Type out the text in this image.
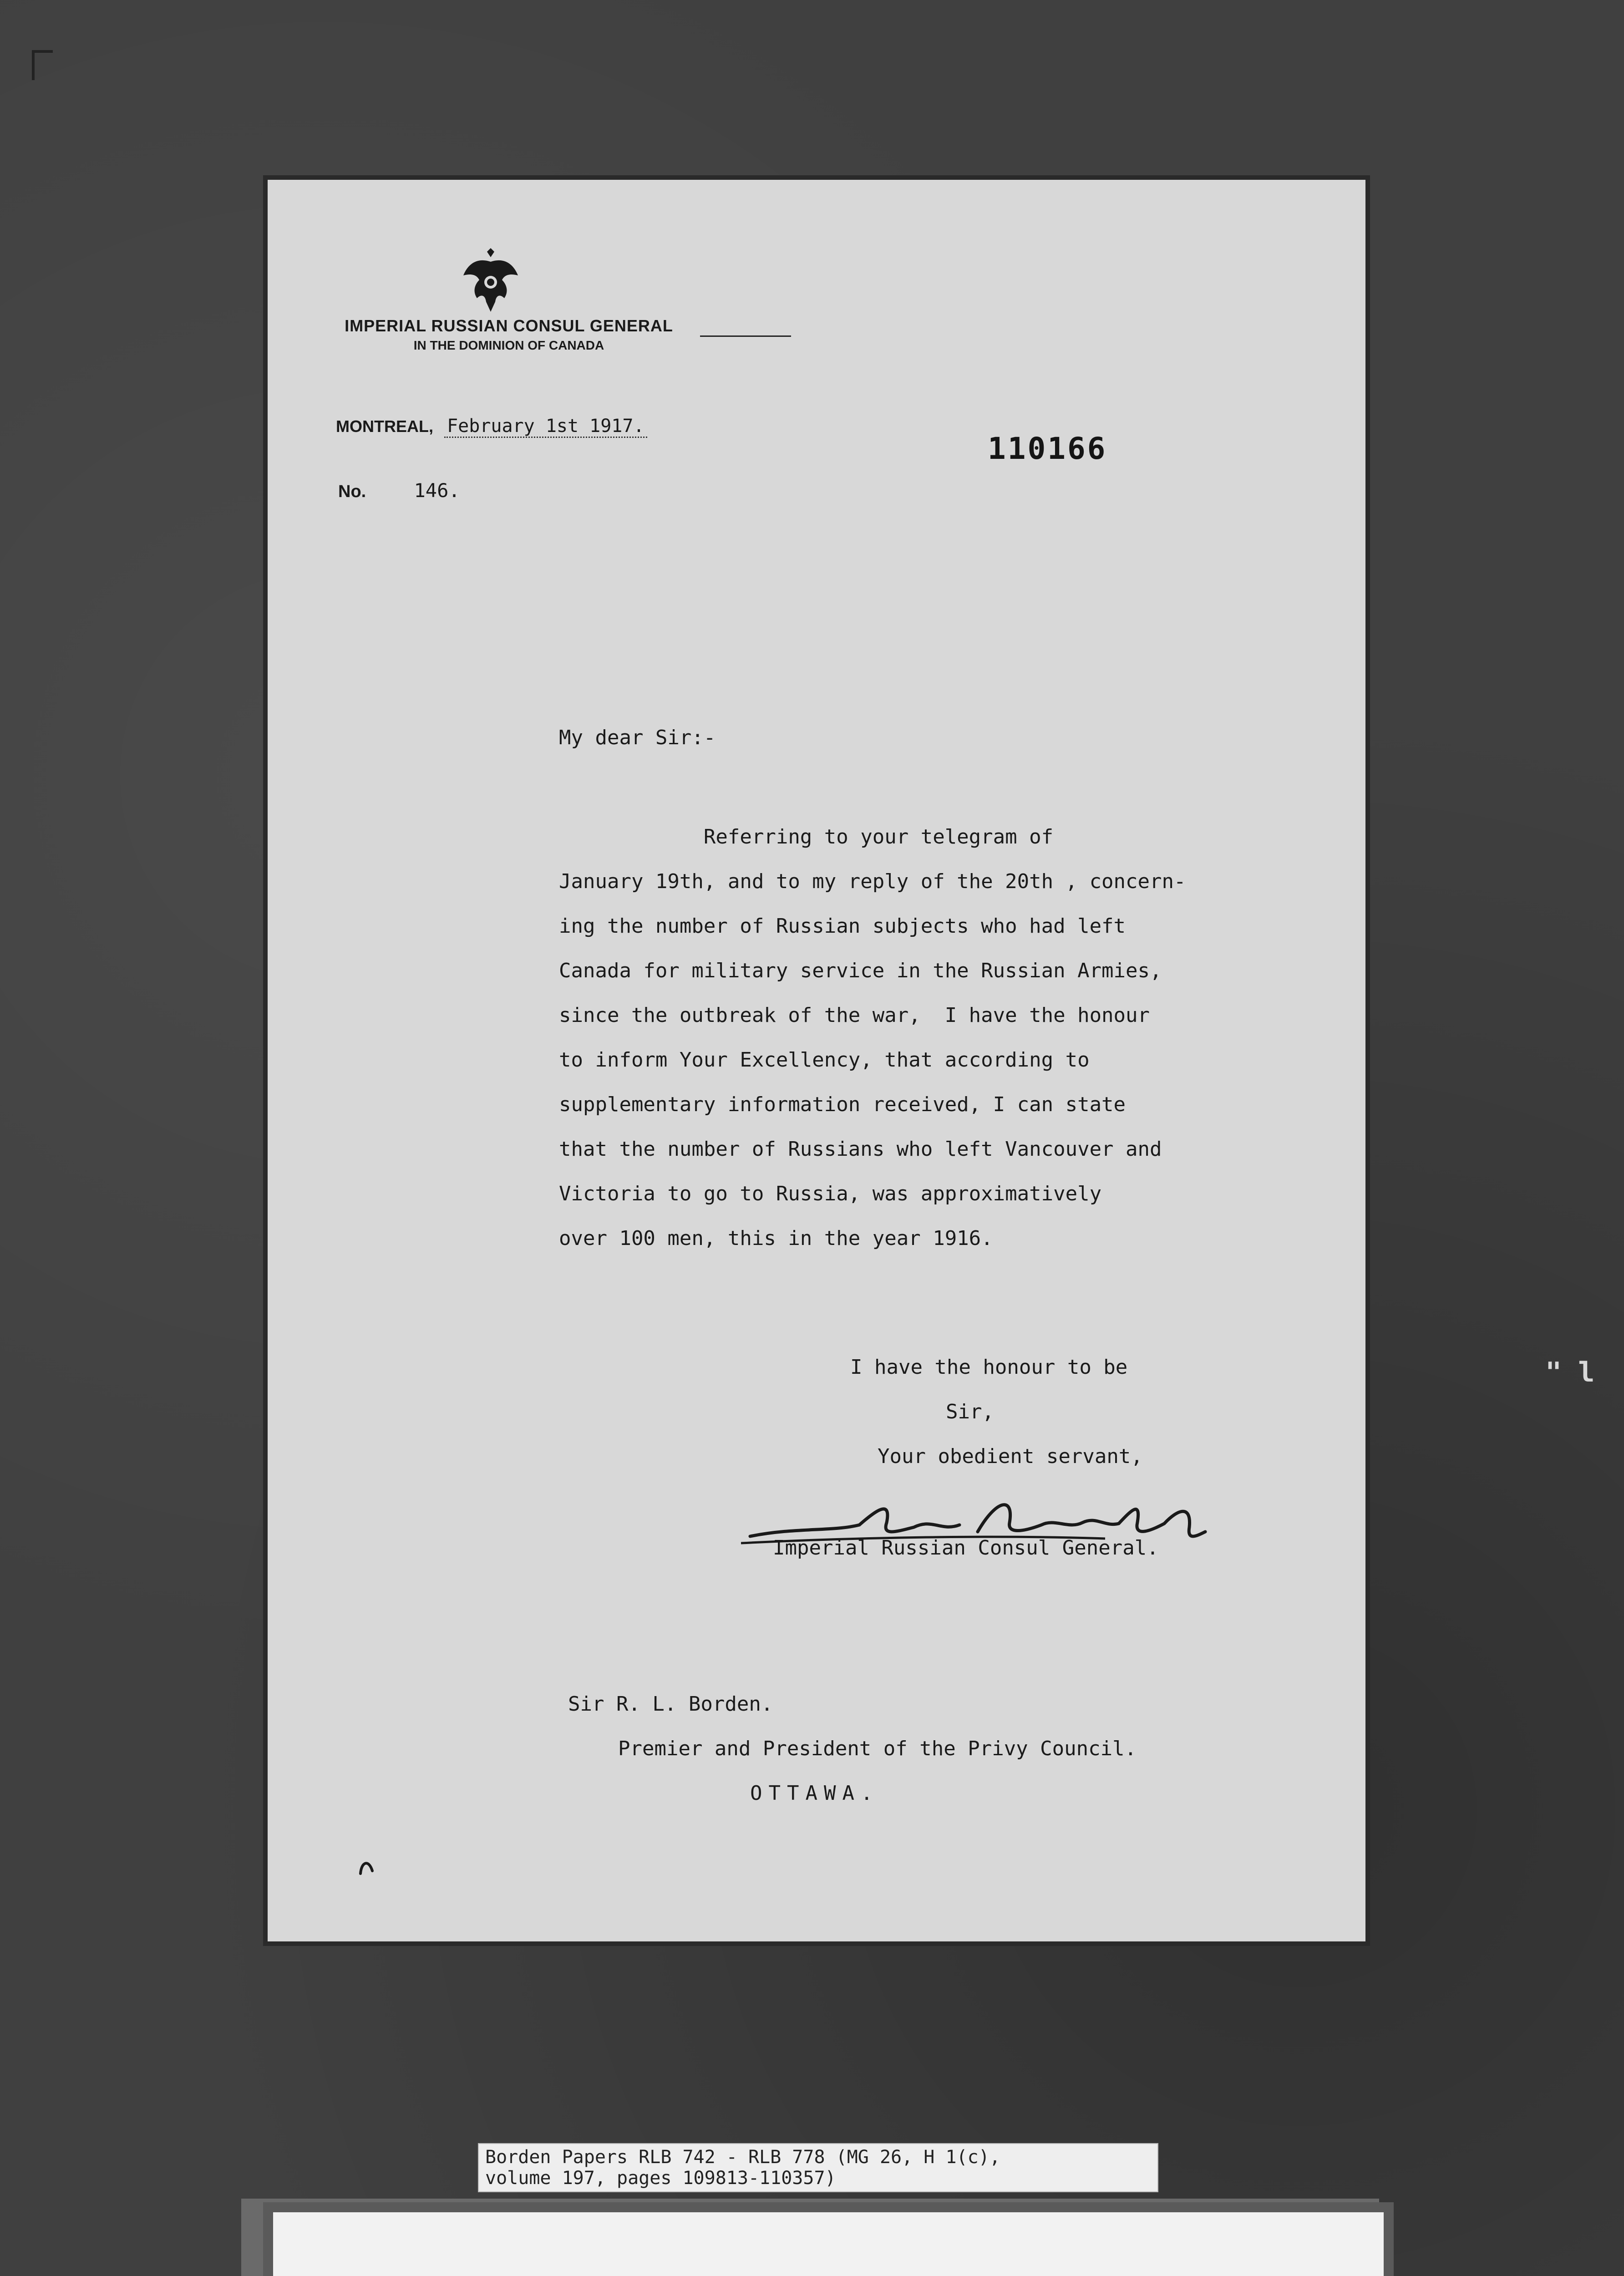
IMPERIAL RUSSIAN CONSUL GENERAL
IN THE DOMINION OF CANADA
MONTREAL, February 1st 1917.
110166
No.	146.
My dear Sir:-
Referring to your telegram of
January 19th, and to my reply of the 20th , concern-
ing the number of Russian subjects who had left
Canada for military service in the Russian Armies,
since the outbreak of the war,  I have the honour
to inform Your Excellency, that according to
supplementary information received, I can state
that the number of Russians who left Vancouver and
Victoria to go to Russia, was approximatively
over 100 men, this in the year 1916.
I have the honour to be
Sir,
Your obedient servant,
Imperial Russian Consul General.
Sir R. L. Borden.
Premier and President of the Privy Council.
OTTAWA.
" l
Borden Papers RLB 742 - RLB 778 (MG 26, H 1(c),
volume 197, pages 109813-110357)
